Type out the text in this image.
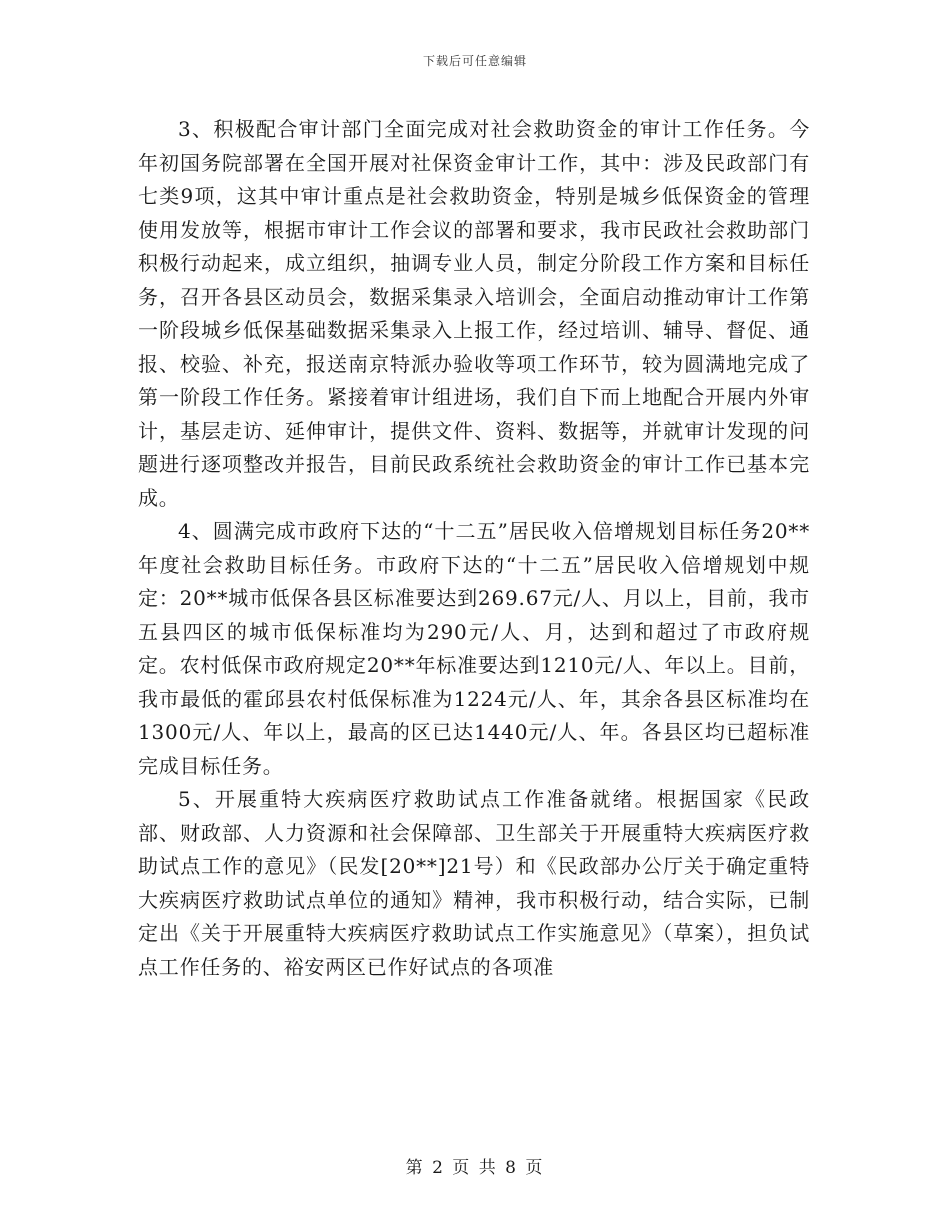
下载后可任意编辑

3、积极配合审计部门全面完成对社会救助资金的审计工作任务。今年初国务院部署在全国开展对社保资金审计工作，其中：涉及民政部门有七类9项，这其中审计重点是社会救助资金，特别是城乡低保资金的管理使用发放等，根据市审计工作会议的部署和要求，我市民政社会救助部门积极行动起来，成立组织，抽调专业人员，制定分阶段工作方案和目标任务，召开各县区动员会，数据采集录入培训会，全面启动推动审计工作第一阶段城乡低保基础数据采集录入上报工作，经过培训、辅导、督促、通报、校验、补充，报送南京特派办验收等项工作环节，较为圆满地完成了第一阶段工作任务。紧接着审计组进场，我们自下而上地配合开展内外审计，基层走访、延伸审计，提供文件、资料、数据等，并就审计发现的问题进行逐项整改并报告，目前民政系统社会救助资金的审计工作已基本完成。

4、圆满完成市政府下达的“十二五”居民收入倍增规划目标任务20**年度社会救助目标任务。市政府下达的“十二五”居民收入倍增规划中规定：20**城市低保各县区标准要达到269.67元/人、月以上，目前，我市五县四区的城市低保标准均为290元/人、月，达到和超过了市政府规定。农村低保市政府规定20**年标准要达到1210元/人、年以上。目前，我市最低的霍邱县农村低保标准为1224元/人、年，其余各县区标准均在1300元/人、年以上，最高的区已达1440元/人、年。各县区均已超标准完成目标任务。

5、开展重特大疾病医疗救助试点工作准备就绪。根据国家《民政部、财政部、人力资源和社会保障部、卫生部关于开展重特大疾病医疗救助试点工作的意见》（民发[20**]21号）和《民政部办公厅关于确定重特大疾病医疗救助试点单位的通知》精神，我市积极行动，结合实际，已制定出《关于开展重特大疾病医疗救助试点工作实施意见》（草案），担负试点工作任务的、裕安两区已作好试点的各项准

第 2 页 共 8 页
